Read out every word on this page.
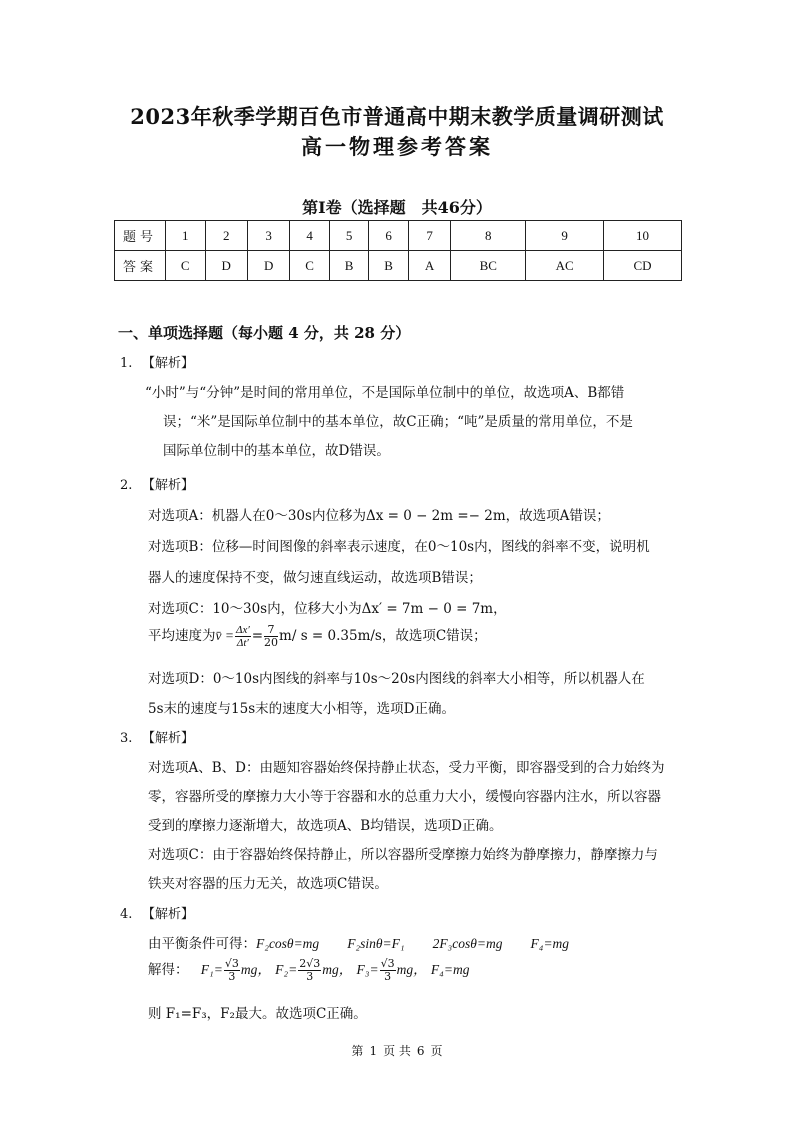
2023年秋季学期百色市普通高中期末教学质量调研测试
高一物理参考答案
第Ⅰ卷（选择题　共46分）
题号	1	2	3	4	5	6	7	8	9	10
答案	C	D	D	C	B	B	A	BC	AC	CD
一、单项选择题（每小题 4 分，共 28 分）
1. 【解析】
“小时”与“分钟”是时间的常用单位，不是国际单位制中的单位，故选项A、B都错
误；“米”是国际单位制中的基本单位，故C正确；“吨”是质量的常用单位，不是
国际单位制中的基本单位，故D错误。
2. 【解析】
对选项A：机器人在0～30s内位移为Δx = 0 − 2m =− 2m，故选项A错误；
对选项B：位移—时间图像的斜率表示速度，在0～10s内，图线的斜率不变，说明机
器人的速度保持不变，做匀速直线运动，故选项B错误；
对选项C：10～30s内，位移大小为Δx′ = 7m − 0 = 7m，
平均速度为v̄ = $\frac{\Delta x'}{\Delta t'} = \frac{7}{20} m/$ s = 0.35m/s，故选项C错误；
对选项D：0～10s内图线的斜率与10s～20s内图线的斜率大小相等，所以机器人在
5s末的速度与15s末的速度大小相等，选项D正确。
3. 【解析】
对选项A、B、D：由题知容器始终保持静止状态，受力平衡，即容器受到的合力始终为
零，容器所受的摩擦力大小等于容器和水的总重力大小，缓慢向容器内注水，所以容器
受到的摩擦力逐渐增大，故选项A、B均错误，选项D正确。
对选项C：由于容器始终保持静止，所以容器所受摩擦力始终为静摩擦力，静摩擦力与
铁夹对容器的压力无关，故选项C错误。
4. 【解析】
由平衡条件可得：F₂cosθ=mg F₂sinθ=F₁ 2F₃cosθ=mg F₄=mg
解得： $F_1= \frac{√3}{3}$ mg， $F_2= \frac{2√3}{3}$ mg， $F_3= \frac{√3}{3}$ mg， F₄=mg
则 F₁=F₃，F₂最大。故选项C正确。
第 1 页 共 6 页
